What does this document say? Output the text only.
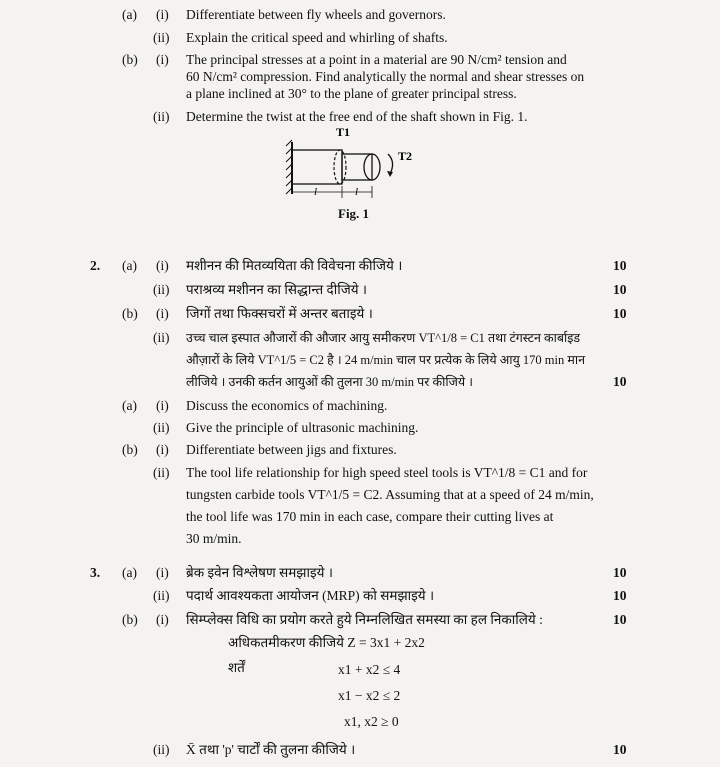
(a) (i) Differentiate between fly wheels and governors.
(ii) Explain the critical speed and whirling of shafts.
(b) (i) The principal stresses at a point in a material are 90 N/cm² tension and
60 N/cm² compression. Find analytically the normal and shear stresses on
a plane inclined at 30° to the plane of greater principal stress.
(ii) Determine the twist at the free end of the shaft shown in Fig. 1.
T1
T2
l	l
Fig. 1
2. (a) (i) मशीनन की मितव्ययिता की विवेचना कीजिये ।	10
(ii) पराश्रव्य मशीनन का सिद्धान्त दीजिये ।	10
(b) (i) जिगों तथा फिक्सचरों में अन्तर बताइये ।	10
(ii) उच्च चाल इस्पात औजारों की औजार आयु समीकरण VT^1/8 = C1 तथा टंगस्टन कार्बाइड
औज़ारों के लिये VT^1/5 = C2 है । 24 m/min चाल पर प्रत्येक के लिये आयु 170 min मान
लीजिये । उनकी कर्तन आयुओं की तुलना 30 m/min पर कीजिये ।	10
(a) (i) Discuss the economics of machining.
(ii) Give the principle of ultrasonic machining.
(b) (i) Differentiate between jigs and fixtures.
(ii) The tool life relationship for high speed steel tools is VT^1/8 = C1 and for
tungsten carbide tools VT^1/5 = C2. Assuming that at a speed of 24 m/min,
the tool life was 170 min in each case, compare their cutting lives at
30 m/min.
3. (a) (i) ब्रेक इवेन विश्लेषण समझाइये ।	10
(ii) पदार्थ आवश्यकता आयोजन (MRP) को समझाइये ।	10
(b) (i) सिम्प्लेक्स विधि का प्रयोग करते हुये निम्नलिखित समस्या का हल निकालिये :	10
अधिकतमीकरण कीजिये Z = 3x1 + 2x2
शर्तें	x1 + x2 ≤ 4
x1 − x2 ≤ 2
x1, x2 ≥ 0
(ii) X̄ तथा 'p' चार्टों की तुलना कीजिये ।	10
